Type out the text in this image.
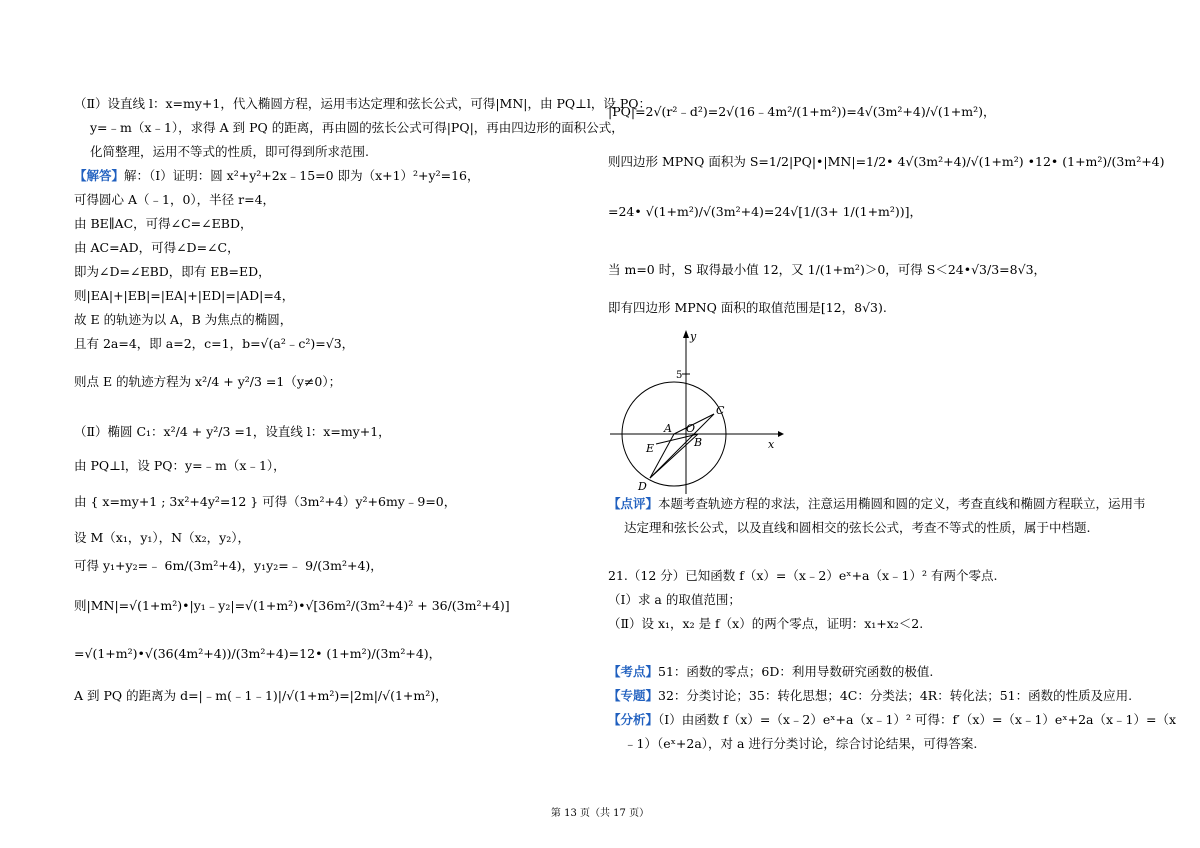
（Ⅱ）设直线 l：x=my+1，代入椭圆方程，运用韦达定理和弦长公式，可得|MN|，由 PQ⊥l，设 PQ：
y=﹣m（x﹣1），求得 A 到 PQ 的距离，再由圆的弦长公式可得|PQ|，再由四边形的面积公式，
化简整理，运用不等式的性质，即可得到所求范围.
【解答】解：（Ⅰ）证明：圆 x²+y²+2x﹣15=0 即为（x+1）²+y²=16，
可得圆心 A（﹣1，0），半径 r=4，
由 BE∥AC，可得∠C=∠EBD，
由 AC=AD，可得∠D=∠C，
即为∠D=∠EBD，即有 EB=ED，
则|EA|+|EB|=|EA|+|ED|=|AD|=4，
故 E 的轨迹为以 A，B 为焦点的椭圆，
且有 2a=4，即 a=2，c=1，b=√(a²﹣c²)=√3，
则点 E 的轨迹方程为 x²/4 + y²/3 =1（y≠0）；
（Ⅱ）椭圆 C₁：x²/4 + y²/3 =1，设直线 l：x=my+1，
由 PQ⊥l，设 PQ：y=﹣m（x﹣1），
由 { x=my+1 ; 3x²+4y²=12 } 可得（3m²+4）y²+6my﹣9=0，
设 M（x₁，y₁），N（x₂，y₂），
可得 y₁+y₂=﹣ 6m/(3m²+4)，y₁y₂=﹣ 9/(3m²+4)，
则|MN|=√(1+m²)•|y₁﹣y₂|=√(1+m²)•√[36m²/(3m²+4)² + 36/(3m²+4)]
=√(1+m²)•√(36(4m²+4))/(3m²+4)=12• (1+m²)/(3m²+4)，
A 到 PQ 的距离为 d=|﹣m(﹣1﹣1)|/√(1+m²)=|2m|/√(1+m²)，
|PQ|=2√(r²﹣d²)=2√(16﹣4m²/(1+m²))=4√(3m²+4)/√(1+m²)，
则四边形 MPNQ 面积为 S=1/2|PQ|•|MN|=1/2• 4√(3m²+4)/√(1+m²) •12• (1+m²)/(3m²+4)
=24• √(1+m²)/√(3m²+4)=24√[1/(3+ 1/(1+m²))]，
当 m=0 时，S 取得最小值 12，又 1/(1+m²)＞0，可得 S＜24•√3/3=8√3，
即有四边形 MPNQ 面积的取值范围是[12，8√3).
【点评】本题考查轨迹方程的求法，注意运用椭圆和圆的定义，考查直线和椭圆方程联立，运用韦
达定理和弦长公式，以及直线和圆相交的弦长公式，考查不等式的性质，属于中档题.
21.（12 分）已知函数 f（x）=（x﹣2）eˣ+a（x﹣1）² 有两个零点.
（Ⅰ）求 a 的取值范围；
（Ⅱ）设 x₁，x₂ 是 f（x）的两个零点，证明：x₁+x₂＜2.
【考点】51：函数的零点；6D：利用导数研究函数的极值.
【专题】32：分类讨论；35：转化思想；4C：分类法；4R：转化法；51：函数的性质及应用.
【分析】（Ⅰ）由函数 f（x）=（x﹣2）eˣ+a（x﹣1）² 可得：f′（x）=（x﹣1）eˣ+2a（x﹣1）=（x
﹣1）（eˣ+2a），对 a 进行分类讨论，综合讨论结果，可得答案.
y
x
5
A O
B
C
E
D
第 13 页（共 17 页）
